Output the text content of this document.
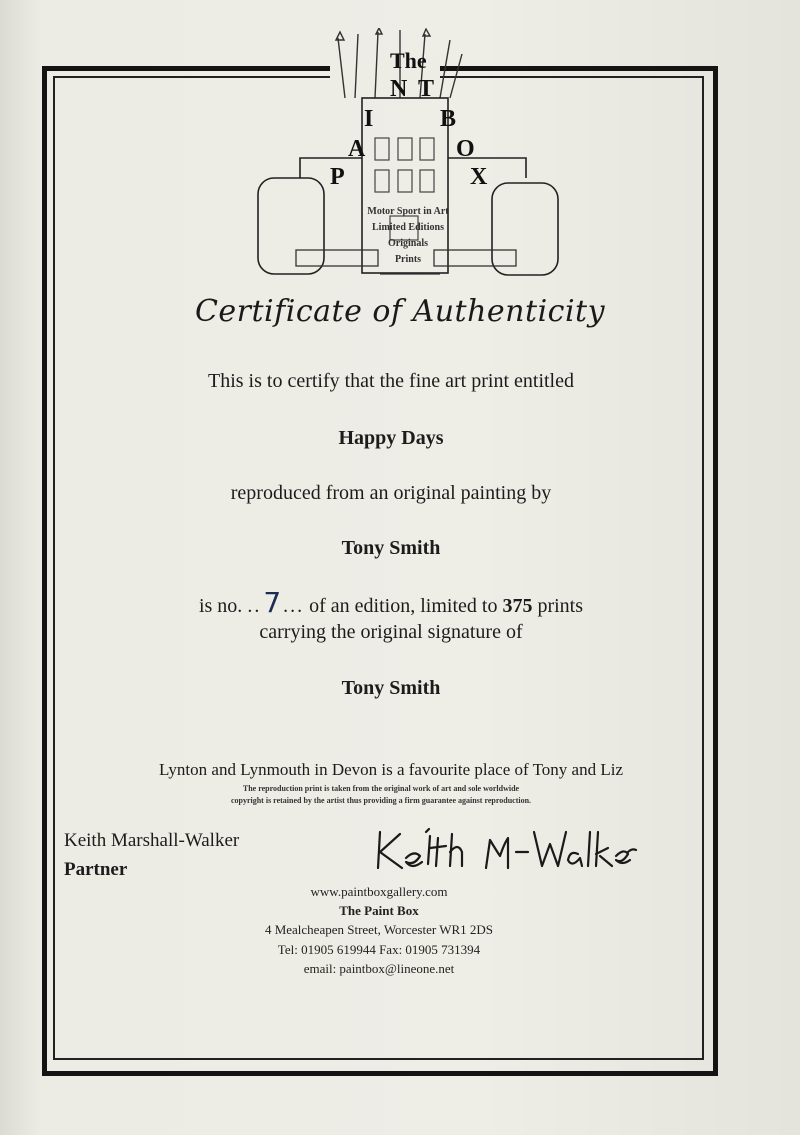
The
N T
I	B
A	O
P	X
Motor Sport in Art
Limited Editions
Originals
Prints
Certificate of Authenticity
This is to certify that the fine art print entitled
Happy Days
reproduced from an original painting by
Tony Smith
is no. ..7 ... of an edition, limited to 375 prints
carrying the original signature of
Tony Smith
Lynton and Lynmouth in Devon is a favourite place of Tony and Liz
The reproduction print is taken from the original work of art and sole worldwide
copyright is retained by the artist thus providing a firm guarantee against reproduction.
Keith Marshall-Walker
Partner
www.paintboxgallery.com
The Paint Box
4 Mealcheapen Street, Worcester WR1 2DS
Tel: 01905 619944 Fax: 01905 731394
email: paintbox@lineone.net
